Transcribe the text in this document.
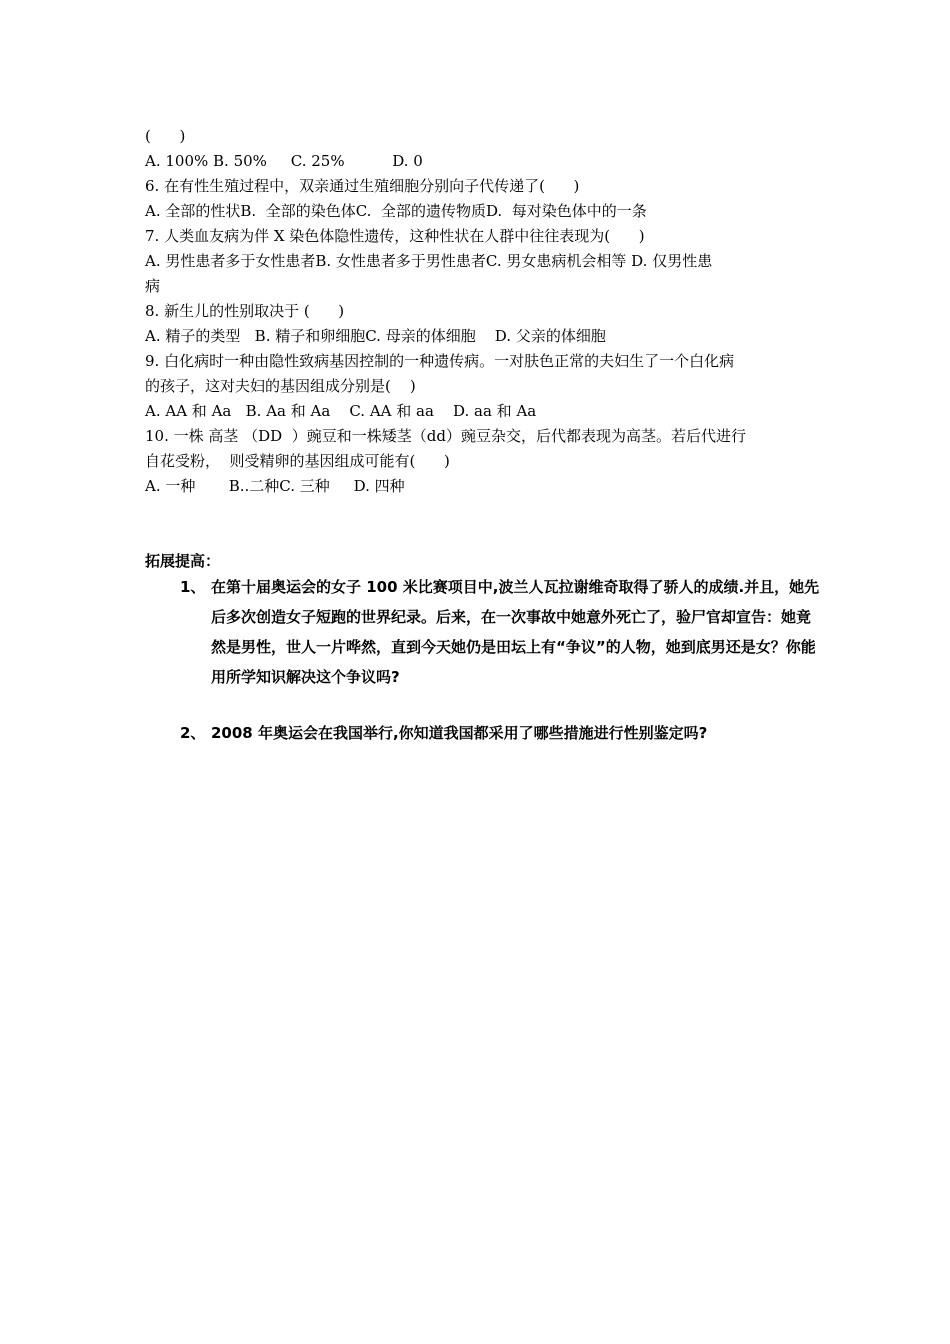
(      )

A. 100% B. 50%     C. 25%          D. 0

6. 在有性生殖过程中，双亲通过生殖细胞分别向子代传递了(      )

A. 全部的性状B.  全部的染色体C.  全部的遗传物质D.  每对染色体中的一条

7. 人类血友病为伴 X 染色体隐性遗传，这种性状在人群中往往表现为(      )

A. 男性患者多于女性患者B. 女性患者多于男性患者C. 男女患病机会相等 D. 仅男性患

病

8. 新生儿的性别取决于 (      )

A. 精子的类型   B. 精子和卵细胞C. 母亲的体细胞    D. 父亲的体细胞

9. 白化病时一种由隐性致病基因控制的一种遗传病。一对肤色正常的夫妇生了一个白化病

的孩子，这对夫妇的基因组成分别是(    )

A. AA 和 Aa   B. Aa 和 Aa    C. AA 和 aa    D. aa 和 Aa

10. 一株 高茎 （DD  ）豌豆和一株矮茎（dd）豌豆杂交，后代都表现为高茎。若后代进行

自花受粉，  则受精卵的基因组成可能有(      )

A. 一种       B..二种C. 三种     D. 四种

拓展提高：

1、 在第十届奥运会的女子 100 米比赛项目中,波兰人瓦拉谢维奇取得了骄人的成绩.并且，她先后多次创造女子短跑的世界纪录。后来，在一次事故中她意外死亡了，验尸官却宣告：她竟然是男性，世人一片哗然，直到今天她仍是田坛上有“争议”的人物，她到底男还是女？你能用所学知识解决这个争议吗?
2、 2008 年奥运会在我国举行,你知道我国都采用了哪些措施进行性别鉴定吗?
